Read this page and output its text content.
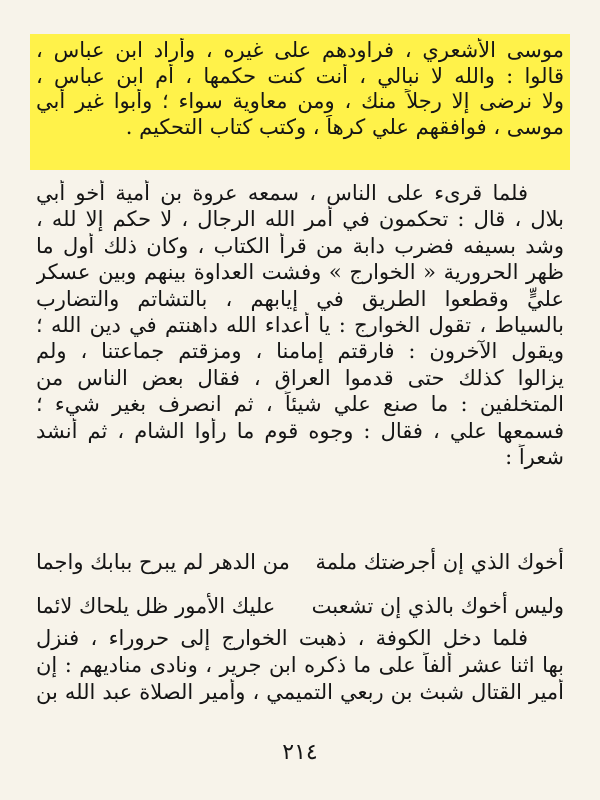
موسى الأشعري ، فراودهم على غيره ، وأراد ابن عباس ،
قالوا : والله لا نبالي ، أنت كنت حكمها ، أم ابن عباس ،
ولا نرضى إلا رجلاً منك ، ومن معاوية سواء ؛ وأبوا غير أبي
موسى ، فوافقهم علي كرهاً ، وكتب كتاب التحكيم .
فلما قرىء على الناس ، سمعه عروة بن أمية أخو أبي
بلال ، قال : تحكمون في أمر الله الرجال ، لا حكم إلا لله ،
وشد بسيفه فضرب دابة من قرأ الكتاب ، وكان ذلك أول ما
ظهر الحرورية « الخوارج » وفشت العداوة بينهم وبين عسكر
عليٍّ وقطعوا الطريق في إيابهم ، بالتشاتم والتضارب
بالسياط ، تقول الخوارج : يا أعداء الله داهنتم في دين الله ؛
ويقول الآخرون : فارقتم إمامنا ، ومزقتم جماعتنا ، ولم
يزالوا كذلك حتى قدموا العراق ، فقال بعض الناس من
المتخلفين : ما صنع علي شيئاً ، ثم انصرف بغير شيء ؛
فسمعها علي ، فقال : وجوه قوم ما رأوا الشام ، ثم أنشد
شعراً :
أخوك الذي إن أجرضتك ملمة
من الدهر لم يبرح ببابك واجما
وليس أخوك بالذي إن تشعبت
عليك الأمور ظل يلحاك لائما
فلما دخل الكوفة ، ذهبت الخوارج إلى حروراء ، فنزل
بها اثنا عشر ألفاً على ما ذكره ابن جرير ، ونادى مناديهم : إن
أمير القتال شبث بن ربعي التميمي ، وأمير الصلاة عبد الله بن
٢١٤
